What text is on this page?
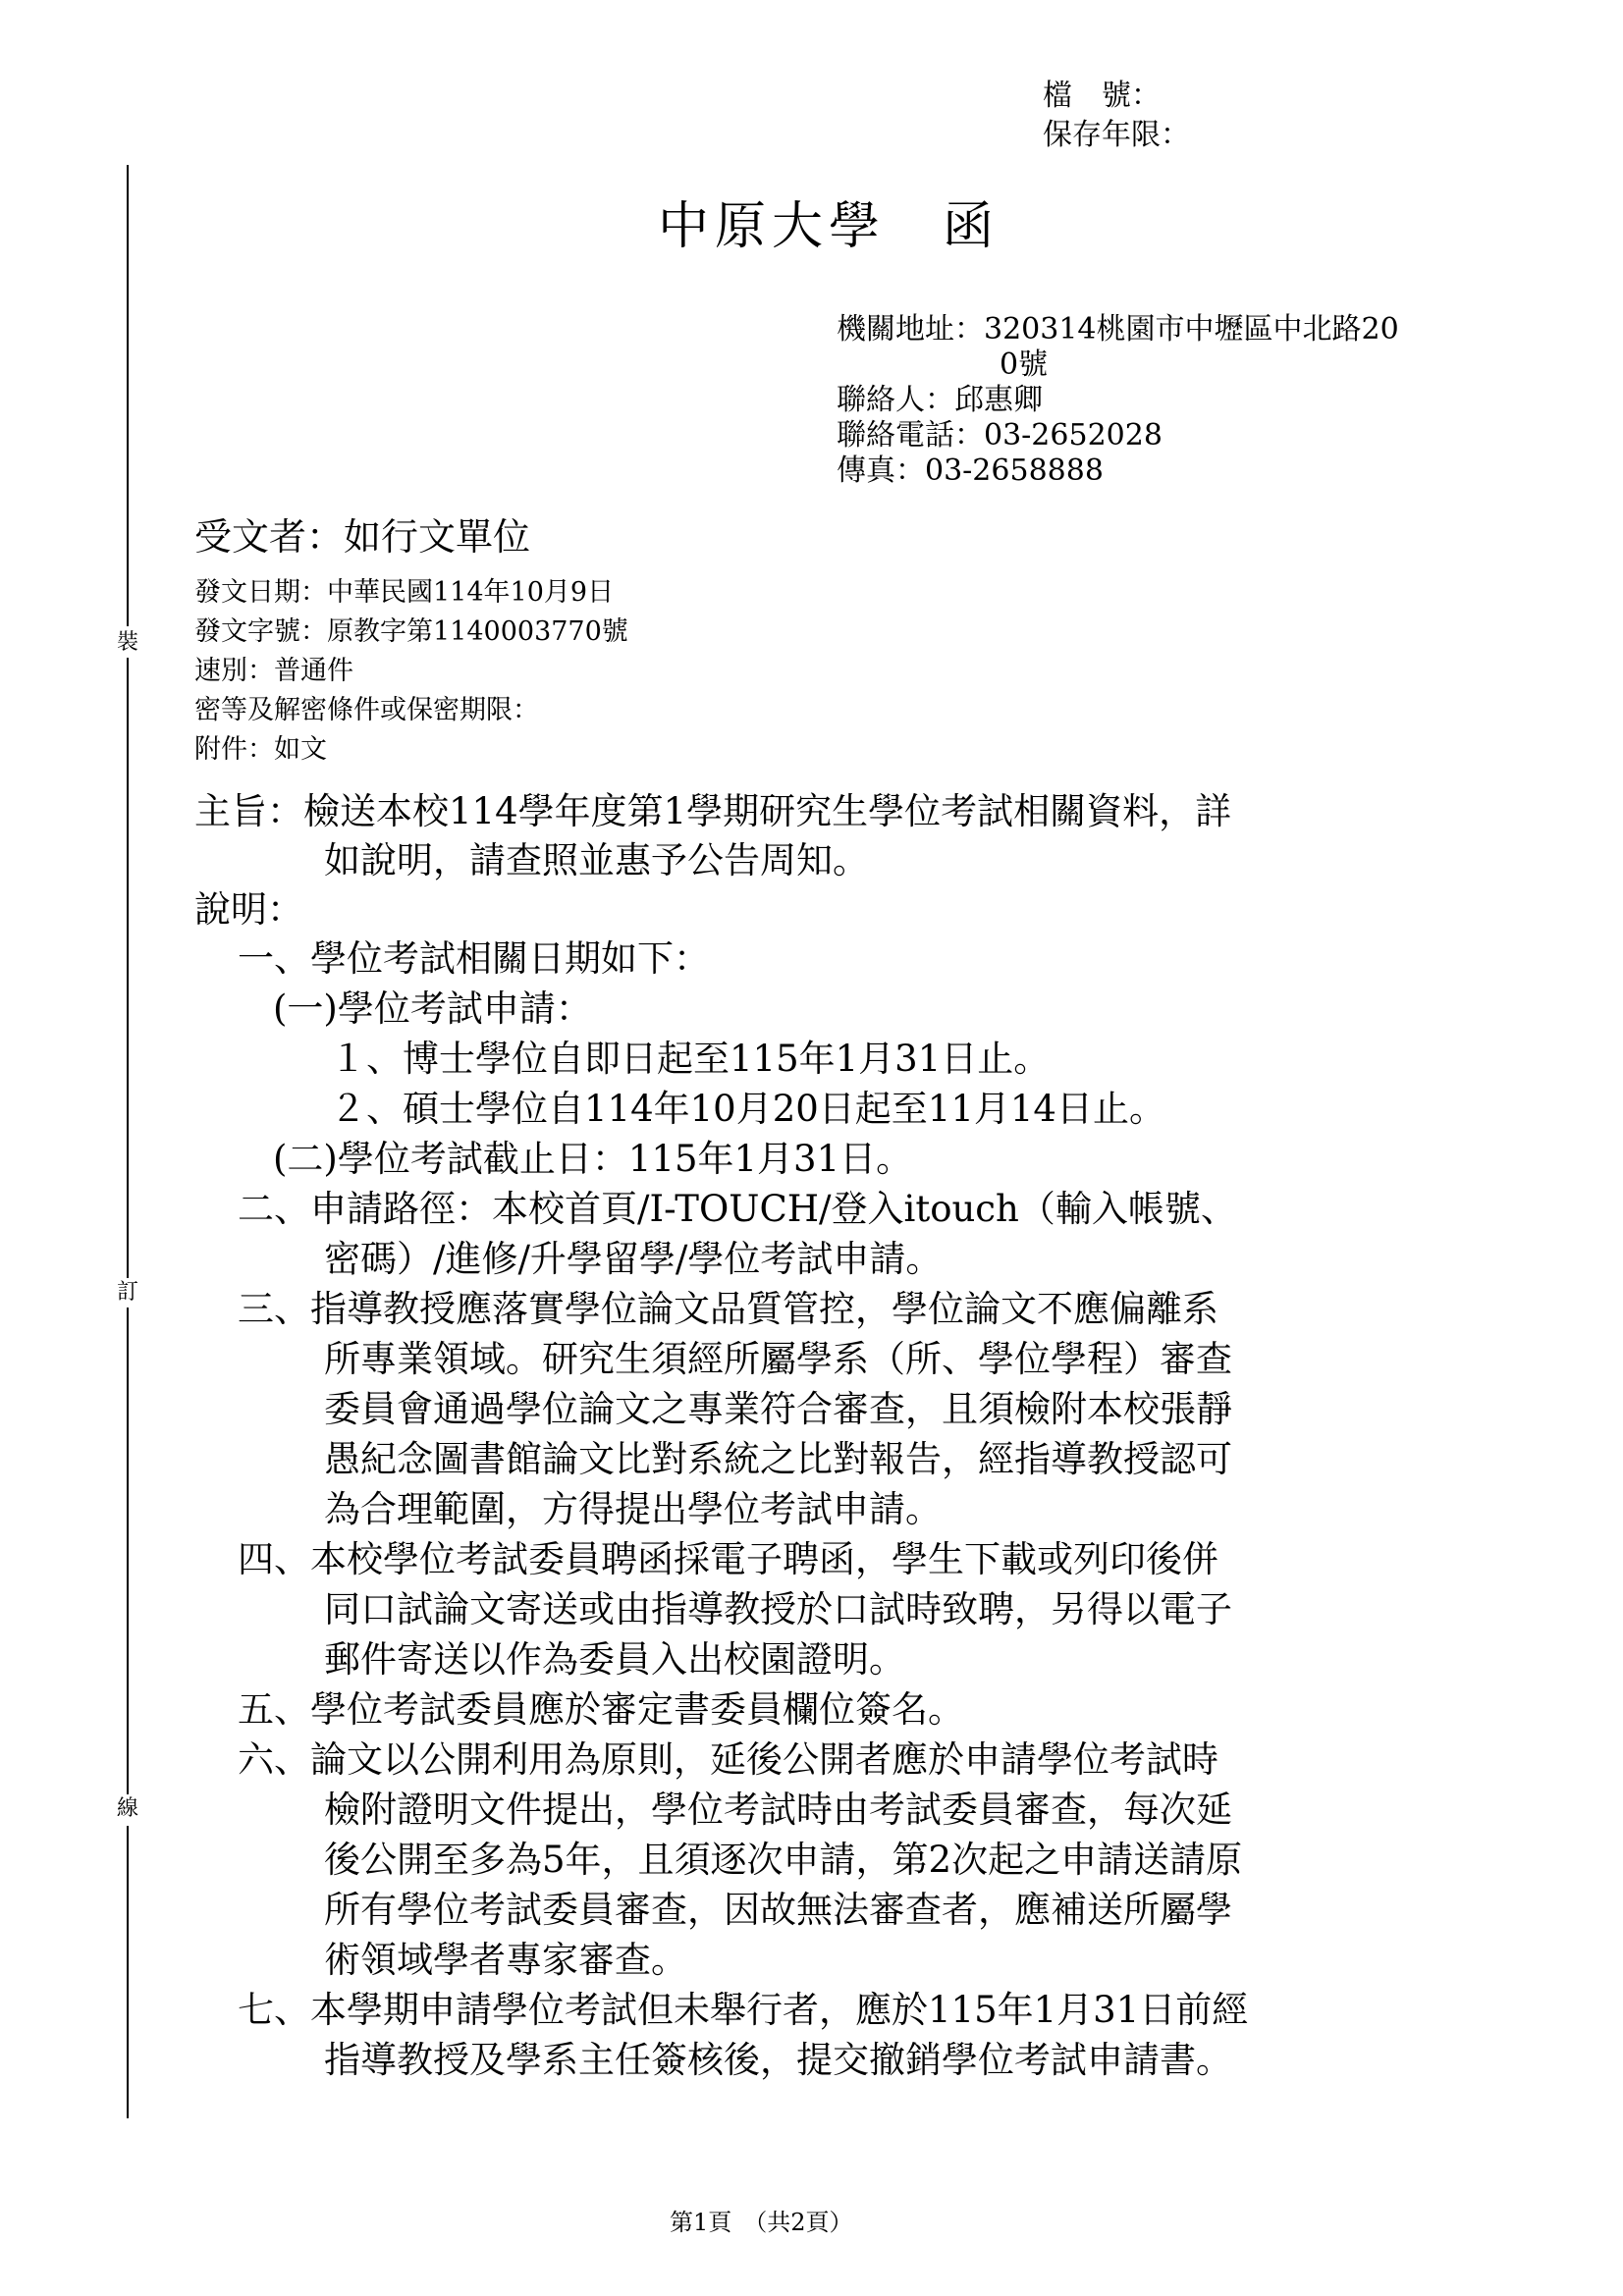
檔　號：
保存年限：
裝
訂
線
中原大學　函
機關地址：320314桃園市中壢區中北路20
0號
聯絡人：邱惠卿
聯絡電話：03-2652028
傳真：03-2658888
受文者：如行文單位
發文日期：中華民國114年10月9日
發文字號：原教字第1140003770號
速別：普通件
密等及解密條件或保密期限：
附件：如文
主旨：檢送本校114學年度第1學期研究生學位考試相關資料，詳
如說明，請查照並惠予公告周知。
說明：
一、學位考試相關日期如下：
(一)學位考試申請：
１、博士學位自即日起至115年1月31日止。
２、碩士學位自114年10月20日起至11月14日止。
(二)學位考試截止日：115年1月31日。
二、申請路徑：本校首頁/I-TOUCH/登入itouch（輸入帳號、
密碼）/進修/升學留學/學位考試申請。
三、指導教授應落實學位論文品質管控，學位論文不應偏離系
所專業領域。研究生須經所屬學系（所、學位學程）審查
委員會通過學位論文之專業符合審查，且須檢附本校張靜
愚紀念圖書館論文比對系統之比對報告，經指導教授認可
為合理範圍，方得提出學位考試申請。
四、本校學位考試委員聘函採電子聘函，學生下載或列印後併
同口試論文寄送或由指導教授於口試時致聘，另得以電子
郵件寄送以作為委員入出校園證明。
五、學位考試委員應於審定書委員欄位簽名。
六、論文以公開利用為原則，延後公開者應於申請學位考試時
檢附證明文件提出，學位考試時由考試委員審查，每次延
後公開至多為5年，且須逐次申請，第2次起之申請送請原
所有學位考試委員審查，因故無法審查者，應補送所屬學
術領域學者專家審查。
七、本學期申請學位考試但未舉行者，應於115年1月31日前經
指導教授及學系主任簽核後，提交撤銷學位考試申請書。
第1頁　（共2頁）
